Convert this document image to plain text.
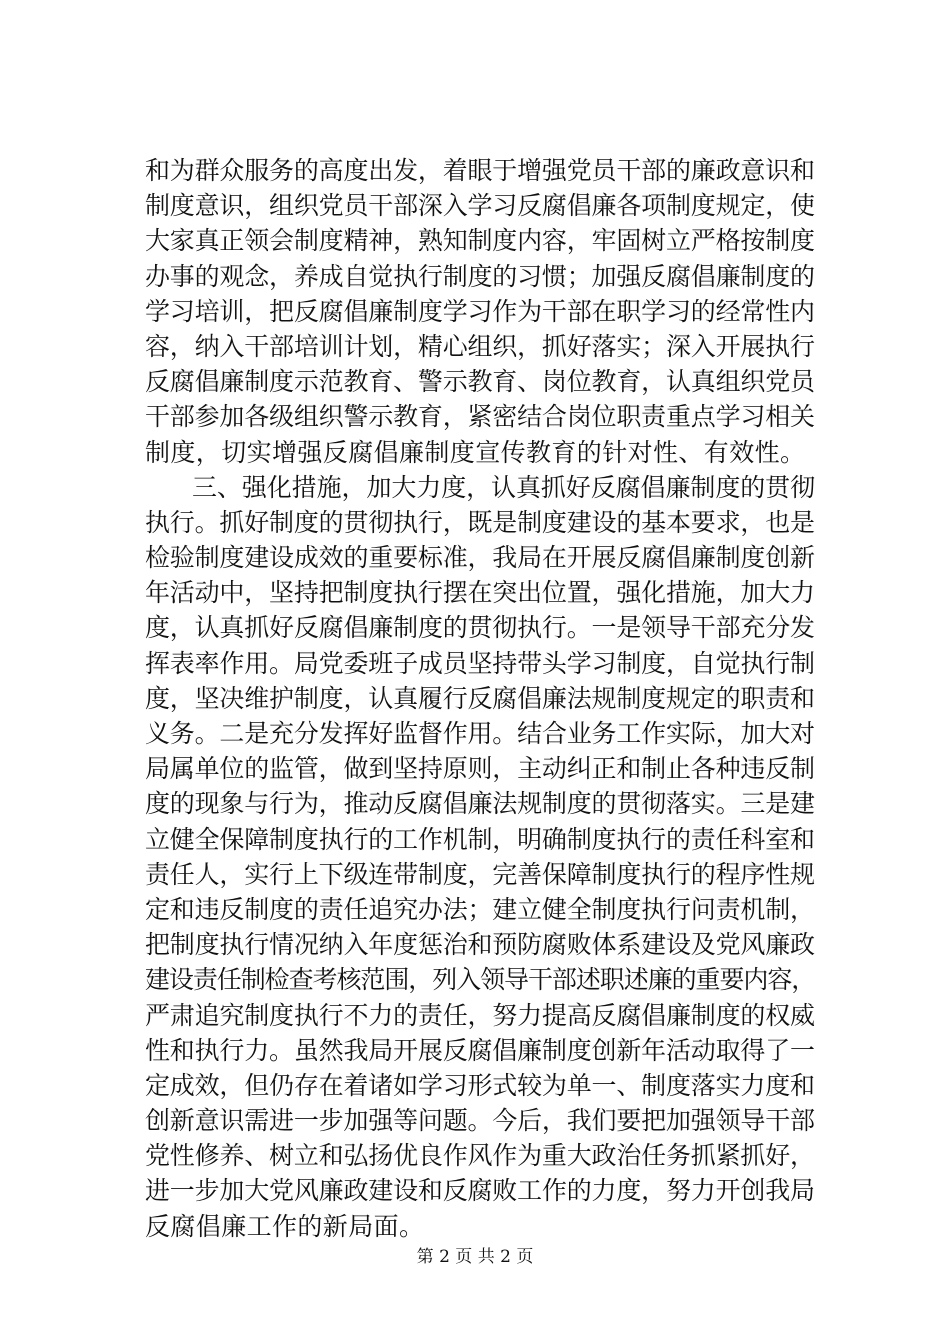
和为群众服务的高度出发，着眼于增强党员干部的廉政意识和
制度意识，组织党员干部深入学习反腐倡廉各项制度规定，使
大家真正领会制度精神，熟知制度内容，牢固树立严格按制度
办事的观念，养成自觉执行制度的习惯；加强反腐倡廉制度的
学习培训，把反腐倡廉制度学习作为干部在职学习的经常性内
容，纳入干部培训计划，精心组织，抓好落实；深入开展执行
反腐倡廉制度示范教育、警示教育、岗位教育，认真组织党员
干部参加各级组织警示教育，紧密结合岗位职责重点学习相关
制度，切实增强反腐倡廉制度宣传教育的针对性、有效性。
三、强化措施，加大力度，认真抓好反腐倡廉制度的贯彻
执行。抓好制度的贯彻执行，既是制度建设的基本要求，也是
检验制度建设成效的重要标准，我局在开展反腐倡廉制度创新
年活动中，坚持把制度执行摆在突出位置，强化措施，加大力
度，认真抓好反腐倡廉制度的贯彻执行。一是领导干部充分发
挥表率作用。局党委班子成员坚持带头学习制度，自觉执行制
度，坚决维护制度，认真履行反腐倡廉法规制度规定的职责和
义务。二是充分发挥好监督作用。结合业务工作实际，加大对
局属单位的监管，做到坚持原则，主动纠正和制止各种违反制
度的现象与行为，推动反腐倡廉法规制度的贯彻落实。三是建
立健全保障制度执行的工作机制，明确制度执行的责任科室和
责任人，实行上下级连带制度，完善保障制度执行的程序性规
定和违反制度的责任追究办法；建立健全制度执行问责机制，
把制度执行情况纳入年度惩治和预防腐败体系建设及党风廉政
建设责任制检查考核范围，列入领导干部述职述廉的重要内容，
严肃追究制度执行不力的责任，努力提高反腐倡廉制度的权威
性和执行力。虽然我局开展反腐倡廉制度创新年活动取得了一
定成效，但仍存在着诸如学习形式较为单一、制度落实力度和
创新意识需进一步加强等问题。今后，我们要把加强领导干部
党性修养、树立和弘扬优良作风作为重大政治任务抓紧抓好，
进一步加大党风廉政建设和反腐败工作的力度，努力开创我局
反腐倡廉工作的新局面。
第 2 页 共 2 页
